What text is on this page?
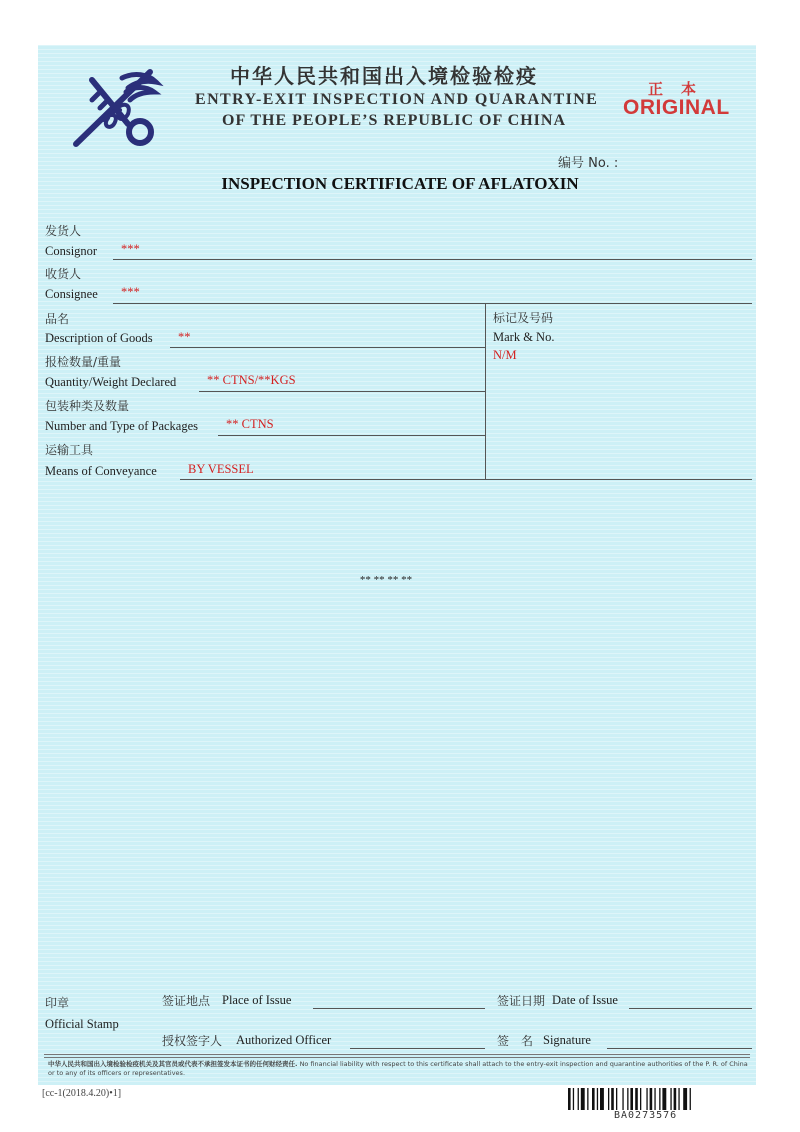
中华人民共和国出入境检验检疫
ENTRY-EXIT INSPECTION AND QUARANTINE
OF THE PEOPLE’S REPUBLIC OF CHINA
正本
ORIGINAL
编号 No. :
INSPECTION CERTIFICATE OF AFLATOXIN
发货人
Consignor ***
收货人
Consignee ***
品名
Description of Goods **
报检数量/重量
Quantity/Weight Declared ** CTNS/**KGS
包装种类及数量
Number and Type of Packages ** CTNS
运输工具
Means of Conveyance BY VESSEL
标记及号码
Mark & No.
N/M
** ** ** **
印章
Official Stamp
签证地点 Place of Issue	签证日期 Date of Issue
授权签字人 Authorized Officer	签　名 Signature
中华人民共和国出入境检验检疫机关及其官员或代表不承担签发本证书的任何财经责任. No financial liability with respect to this certificate shall attach to the entry-exit inspection and quarantine authorities of the P. R. of China or to any of its officers or representatives.
[cc-1(2018.4.20)•1]
BA0273576
